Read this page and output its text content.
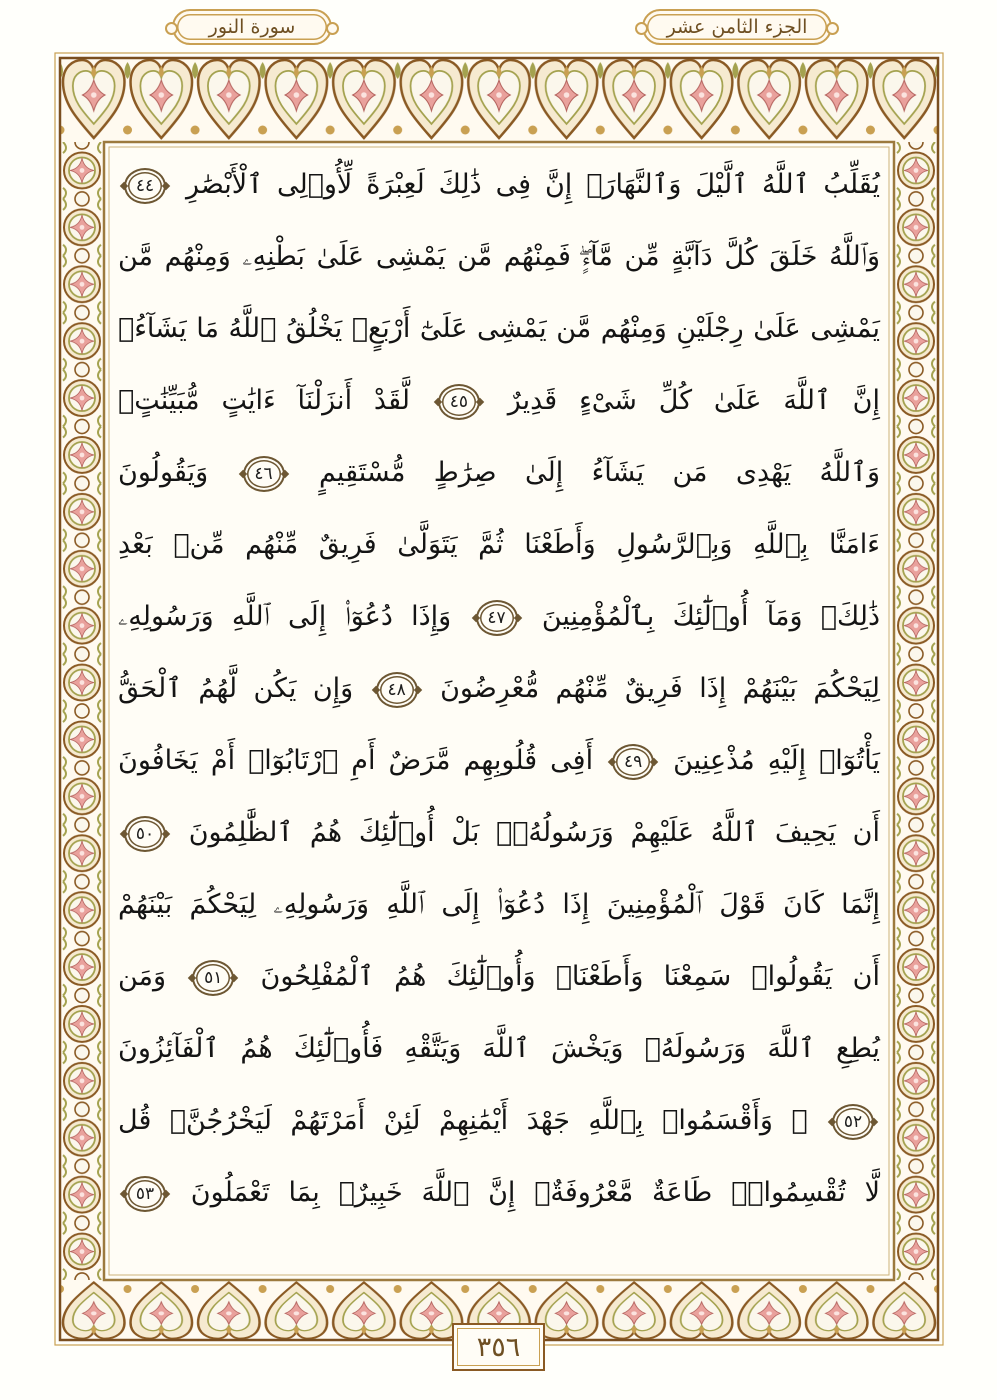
سورة النور	الجزء الثامن عشر
يُقَلِّبُ ٱللَّهُ ٱلَّيْلَ وَٱلنَّهَارَۚ إِنَّ فِى ذَٰلِكَ لَعِبْرَةً لِّأُو۟لِى ٱلْأَبْصَٰرِ ٤٤
وَٱللَّهُ خَلَقَ كُلَّ دَآبَّةٍ مِّن مَّآءٍۖ فَمِنْهُم مَّن يَمْشِى عَلَىٰ بَطْنِهِۦ وَمِنْهُم مَّن
يَمْشِى عَلَىٰ رِجْلَيْنِ وَمِنْهُم مَّن يَمْشِى عَلَىٰٓ أَرْبَعٍۚ يَخْلُقُ ٱللَّهُ مَا يَشَآءُۚ
إِنَّ ٱللَّهَ عَلَىٰ كُلِّ شَىْءٍ قَدِيرٌ ٤٥ لَّقَدْ أَنزَلْنَآ ءَايَٰتٍ مُّبَيِّنَٰتٍۚ
وَٱللَّهُ يَهْدِى مَن يَشَآءُ إِلَىٰ صِرَٰطٍ مُّسْتَقِيمٍ ٤٦ وَيَقُولُونَ
ءَامَنَّا بِٱللَّهِ وَبِٱلرَّسُولِ وَأَطَعْنَا ثُمَّ يَتَوَلَّىٰ فَرِيقٌ مِّنْهُم مِّنۢ بَعْدِ
ذَٰلِكَۚ وَمَآ أُو۟لَٰٓئِكَ بِٱلْمُؤْمِنِينَ ٤٧ وَإِذَا دُعُوٓا۟ إِلَى ٱللَّهِ وَرَسُولِهِۦ
لِيَحْكُمَ بَيْنَهُمْ إِذَا فَرِيقٌ مِّنْهُم مُّعْرِضُونَ ٤٨ وَإِن يَكُن لَّهُمُ ٱلْحَقُّ
يَأْتُوٓا۟ إِلَيْهِ مُذْعِنِينَ ٤٩ أَفِى قُلُوبِهِم مَّرَضٌ أَمِ ٱرْتَابُوٓا۟ أَمْ يَخَافُونَ
أَن يَحِيفَ ٱللَّهُ عَلَيْهِمْ وَرَسُولُهُۥۚ بَلْ أُو۟لَٰٓئِكَ هُمُ ٱلظَّٰلِمُونَ ٥٠
إِنَّمَا كَانَ قَوْلَ ٱلْمُؤْمِنِينَ إِذَا دُعُوٓا۟ إِلَى ٱللَّهِ وَرَسُولِهِۦ لِيَحْكُمَ بَيْنَهُمْ
أَن يَقُولُوا۟ سَمِعْنَا وَأَطَعْنَاۚ وَأُو۟لَٰٓئِكَ هُمُ ٱلْمُفْلِحُونَ ٥١ وَمَن
يُطِعِ ٱللَّهَ وَرَسُولَهُۥ وَيَخْشَ ٱللَّهَ وَيَتَّقْهِ فَأُو۟لَٰٓئِكَ هُمُ ٱلْفَآئِزُونَ
٥٢ ۞ وَأَقْسَمُوا۟ بِٱللَّهِ جَهْدَ أَيْمَٰنِهِمْ لَئِنْ أَمَرْتَهُمْ لَيَخْرُجُنَّۖ قُل
لَّا تُقْسِمُوا۟ۖ طَاعَةٌ مَّعْرُوفَةٌۚ إِنَّ ٱللَّهَ خَبِيرٌۢ بِمَا تَعْمَلُونَ ٥٣
٣٥٦
